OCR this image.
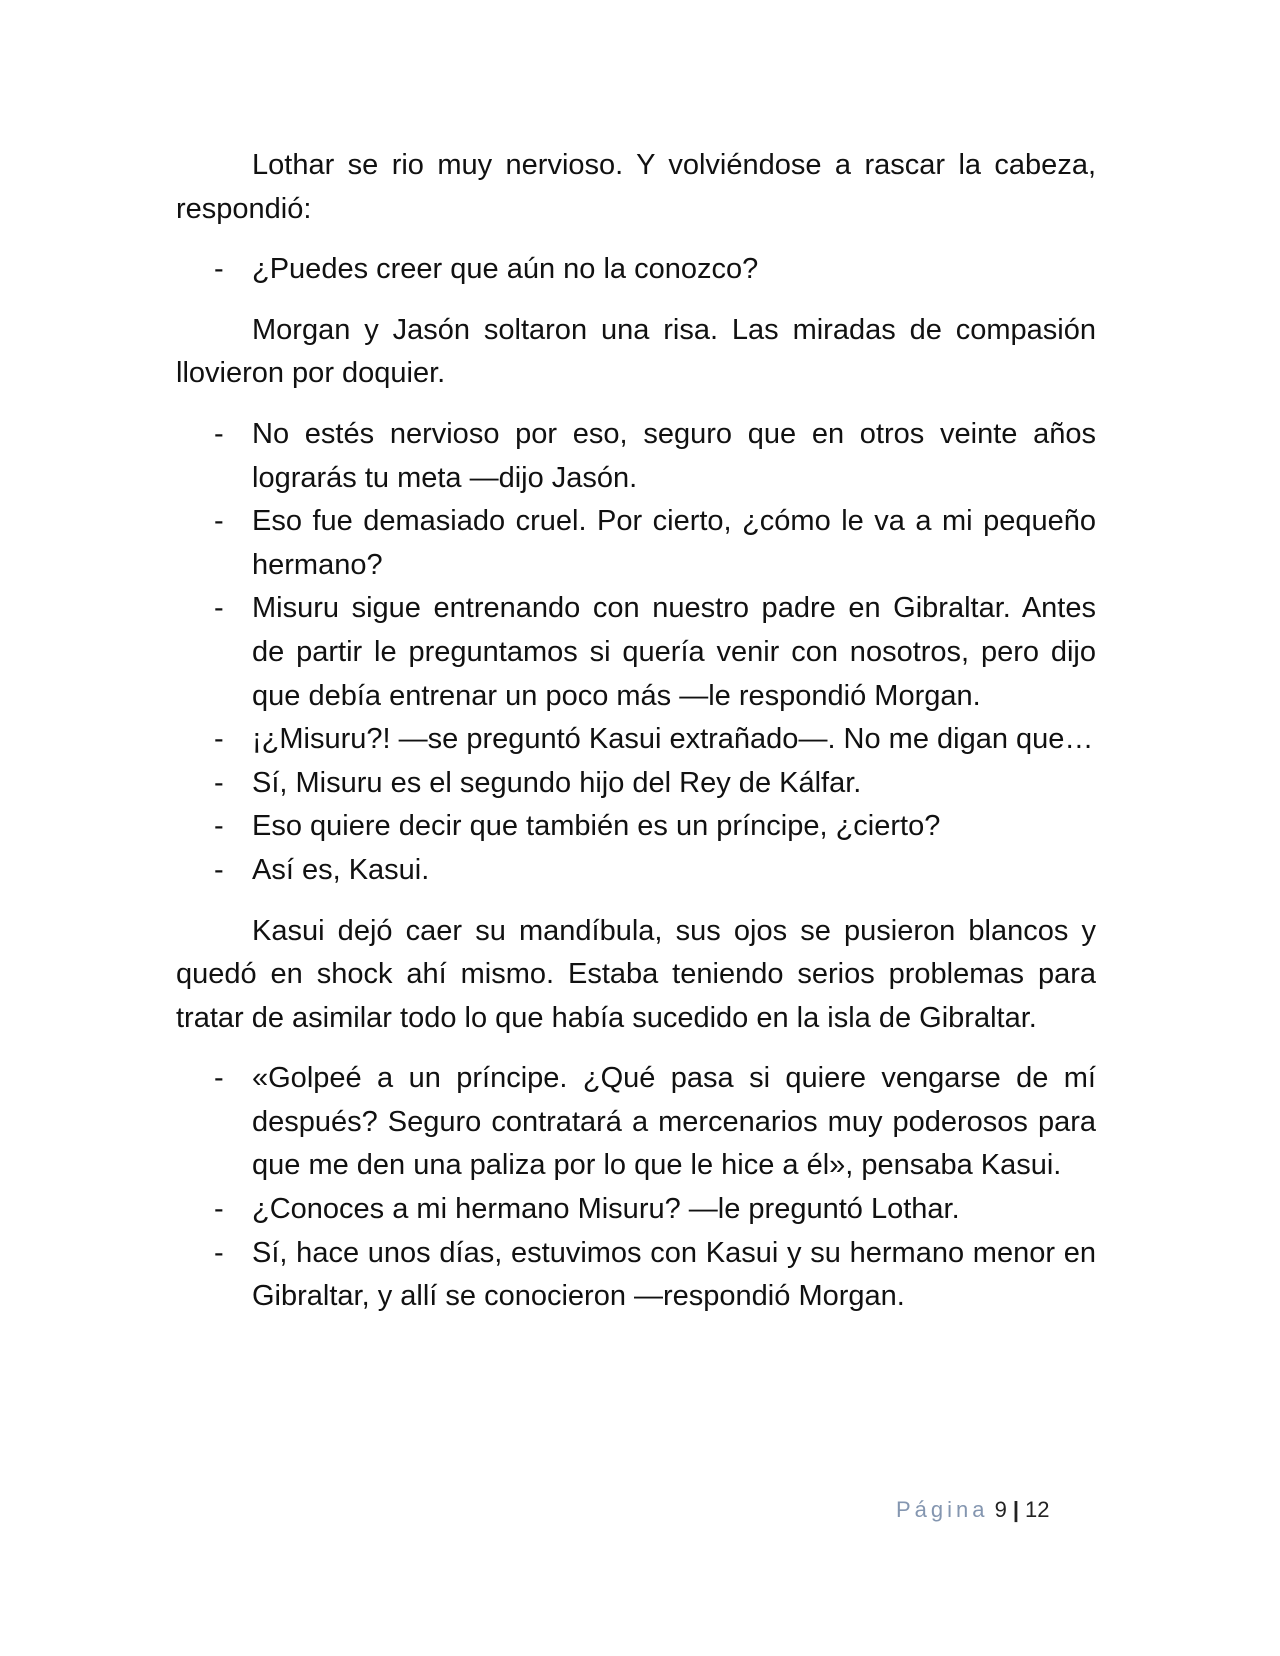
Lothar se rio muy nervioso. Y volviéndose a rascar la cabeza, respondió:

- ¿Puedes creer que aún no la conozco?

Morgan y Jasón soltaron una risa. Las miradas de compasión llovieron por doquier.

- No estés nervioso por eso, seguro que en otros veinte años lograrás tu meta —dijo Jasón.
- Eso fue demasiado cruel. Por cierto, ¿cómo le va a mi pequeño hermano?
- Misuru sigue entrenando con nuestro padre en Gibraltar. Antes de partir le preguntamos si quería venir con nosotros, pero dijo que debía entrenar un poco más —le respondió Morgan.
- ¡¿Misuru?! —se preguntó Kasui extrañado—. No me digan que…
- Sí, Misuru es el segundo hijo del Rey de Kálfar.
- Eso quiere decir que también es un príncipe, ¿cierto?
- Así es, Kasui.

Kasui dejó caer su mandíbula, sus ojos se pusieron blancos y quedó en shock ahí mismo. Estaba teniendo serios problemas para tratar de asimilar todo lo que había sucedido en la isla de Gibraltar.

- «Golpeé a un príncipe. ¿Qué pasa si quiere vengarse de mí después? Seguro contratará a mercenarios muy poderosos para que me den una paliza por lo que le hice a él», pensaba Kasui.
- ¿Conoces a mi hermano Misuru? —le preguntó Lothar.
- Sí, hace unos días, estuvimos con Kasui y su hermano menor en Gibraltar, y allí se conocieron —respondió Morgan.
Página 9 | 12
